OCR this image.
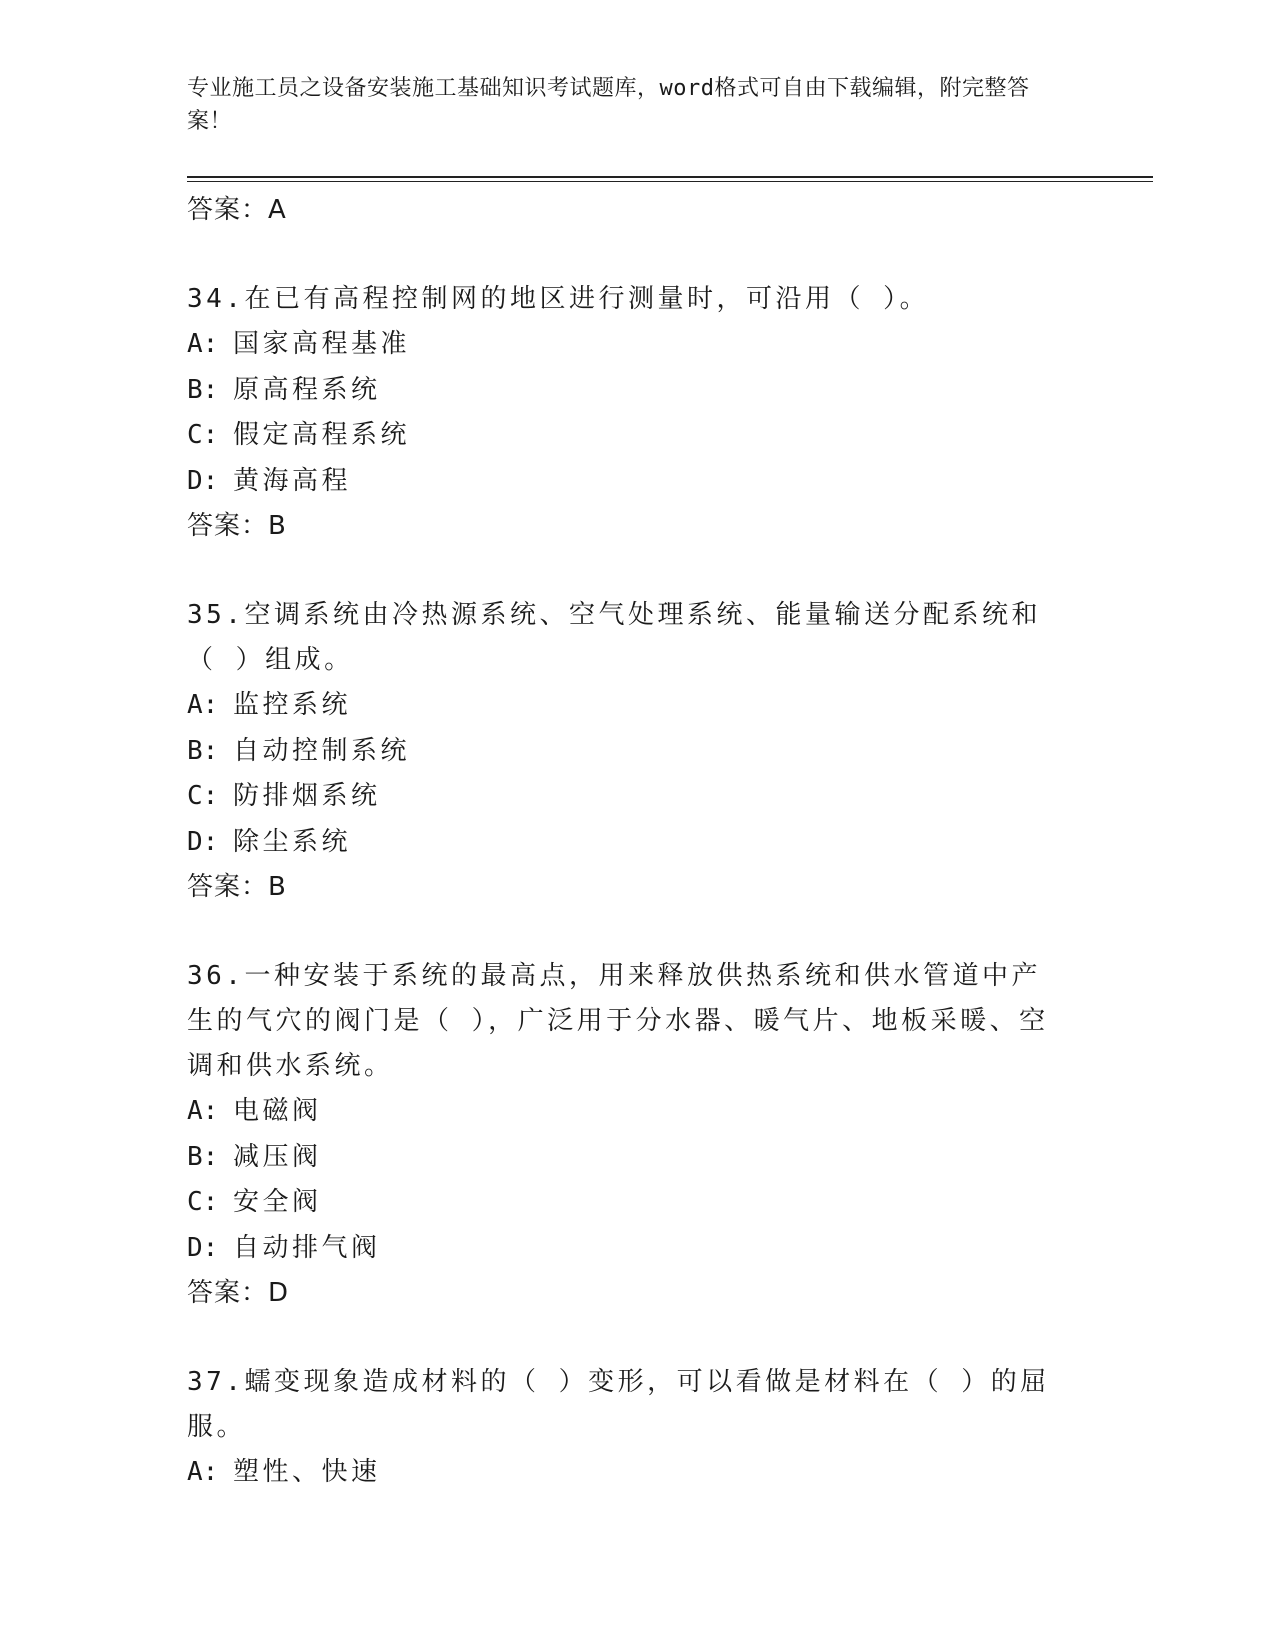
专业施工员之设备安装施工基础知识考试题库，word格式可自由下载编辑，附完整答案！
答案：A
34.在已有高程控制网的地区进行测量时，可沿用（ ）。
A: 国家高程基准
B: 原高程系统
C: 假定高程系统
D: 黄海高程
答案：B
35.空调系统由冷热源系统、空气处理系统、能量输送分配系统和（ ）组成。
A: 监控系统
B: 自动控制系统
C: 防排烟系统
D: 除尘系统
答案：B
36.一种安装于系统的最高点，用来释放供热系统和供水管道中产生的气穴的阀门是（ ），广泛用于分水器、暖气片、地板采暖、空调和供水系统。
A: 电磁阀
B: 减压阀
C: 安全阀
D: 自动排气阀
答案：D
37.蠕变现象造成材料的（ ）变形，可以看做是材料在（ ）的屈服。
A: 塑性、快速
